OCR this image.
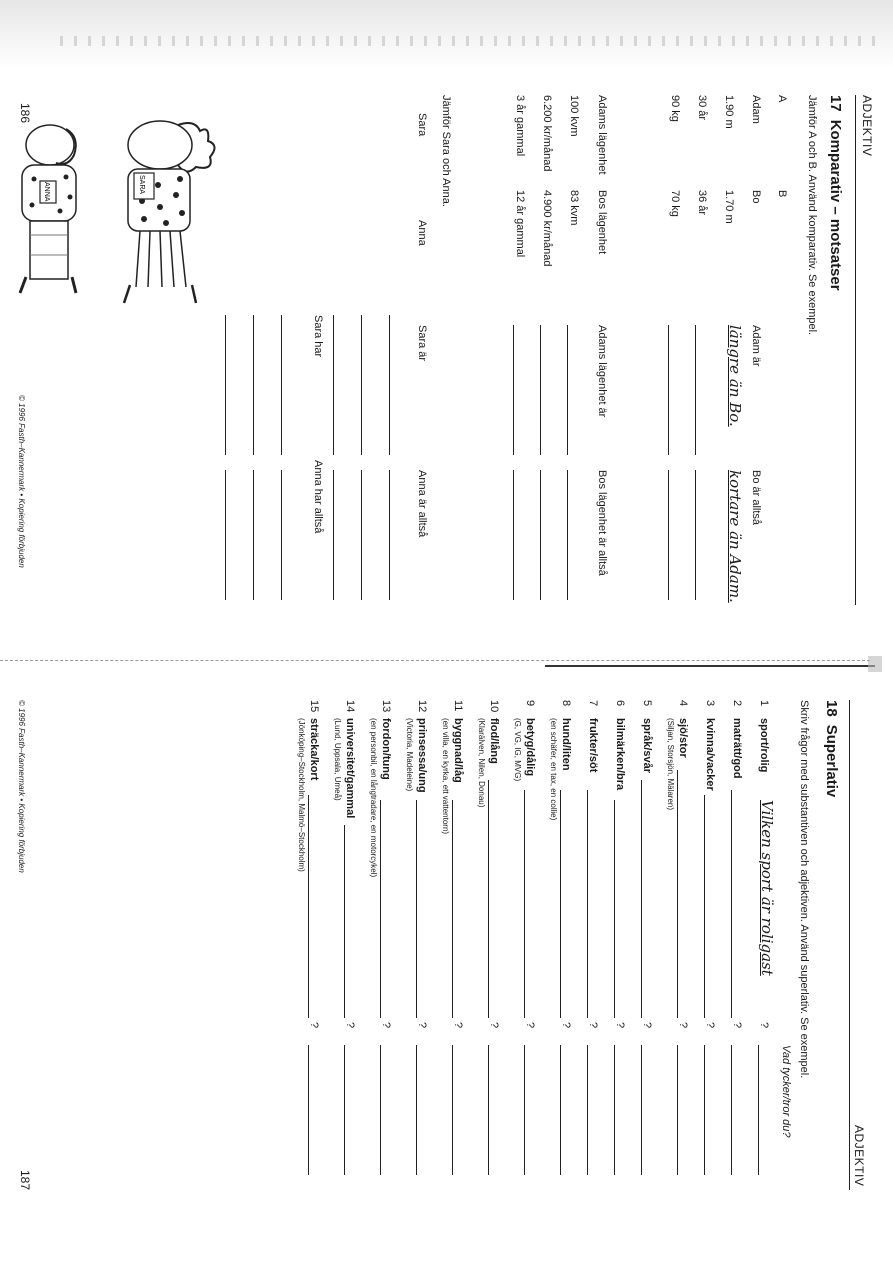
ADJEKTIV
17Komparativ – motsatser
Jämför A och B. Använd komparativ. Se exempel.
A
B
Adam
Bo
Adam är
Bo är alltså
1.90 m
1.70 m
längre än Bo.
kortare än Adam.
30 år
36 år
90 kg
70 kg
Adams lägenhet
Bos lägenhet
Adams lägenhet är
Bos lägenhet är alltså
100 kvm
83 kvm
6.200 kr/månad
4.900 kr/månad
3 år gammal
12 år gammal
Jämför Sara och Anna.
Sara
Anna
Sara är
Anna är alltså
Sara har
Anna har alltså
SARA
ANNA
186
© 1996 Fasth–Kannermark • Kopiering förbjuden
18Superlativ
Skriv frågor med substantiven och adjektiven. Använd superlativ. Se exempel.
Vad tycker/tror du?
1
sport/rolig
Vilken sport är roligast
?
2
maträtt/god
?
3
kvinna/vacker
?
4
sjö/stor
(Siljan, Storsjön, Mälaren)
?
5
språk/svår
?
6
bilmärken/bra
?
7
frukter/söt
?
8
hund/liten
(en schäfer, en tax, en collie)
?
9
betyg/dålig
(G, VG, IG, MVG)
?
10
flod/lång
(Klarälven, Nilen, Donau)
?
11
byggnad/låg
(en villa, en kyrka, ett vattentorn)
?
12
prinsessa/ung
(Victoria, Madeleine)
?
13
fordon/tung
(en personbil, en långtradare, en motorcykel)
?
14
universitet/gammal
(Lund, Uppsala, Umeå)
?
15
sträcka/kort
(Jönköping–Stockholm, Malmö–Stockholm)
?
© 1996 Fasth–Kannermark • Kopiering förbjuden
ADJEKTIV
187
